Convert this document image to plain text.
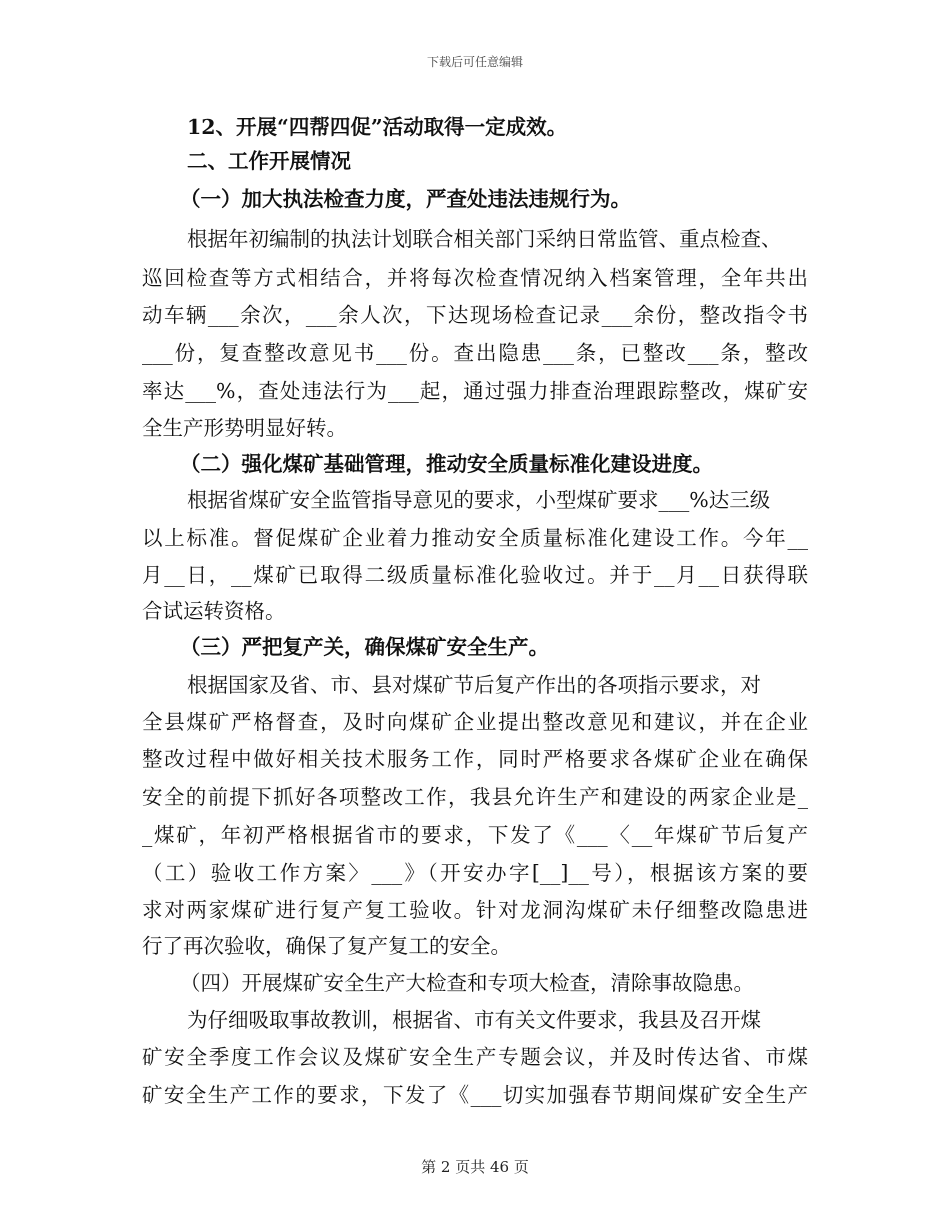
下载后可任意编辑
12、开展“四帮四促”活动取得一定成效。
二、工作开展情况
（一）加大执法检查力度，严查处违法违规行为。
根据年初编制的执法计划联合相关部门采纳日常监管、重点检查、
巡回检查等方式相结合，并将每次检查情况纳入档案管理，全年共出
动车辆___余次，___余人次，下达现场检查记录___余份，整改指令书
___份，复查整改意见书___份。查出隐患___条，已整改___条，整改
率达___%，查处违法行为___起，通过强力排查治理跟踪整改，煤矿安
全生产形势明显好转。
（二）强化煤矿基础管理，推动安全质量标准化建设进度。
根据省煤矿安全监管指导意见的要求，小型煤矿要求___%达三级
以上标准。督促煤矿企业着力推动安全质量标准化建设工作。今年__
月__日，__煤矿已取得二级质量标准化验收过。并于__月__日获得联
合试运转资格。
（三）严把复产关，确保煤矿安全生产。
根据国家及省、市、县对煤矿节后复产作出的各项指示要求，对
全县煤矿严格督查，及时向煤矿企业提出整改意见和建议，并在企业
整改过程中做好相关技术服务工作，同时严格要求各煤矿企业在确保
安全的前提下抓好各项整改工作，我县允许生产和建设的两家企业是_
_煤矿，年初严格根据省市的要求，下发了《___〈__年煤矿节后复产
（工）验收工作方案〉___》（开安办字[__]__号），根据该方案的要
求对两家煤矿进行复产复工验收。针对龙洞沟煤矿未仔细整改隐患进
行了再次验收，确保了复产复工的安全。
（四）开展煤矿安全生产大检查和专项大检查，清除事故隐患。
为仔细吸取事故教训，根据省、市有关文件要求，我县及召开煤
矿安全季度工作会议及煤矿安全生产专题会议，并及时传达省、市煤
矿安全生产工作的要求，下发了《___切实加强春节期间煤矿安全生产
第 2 页共 46 页
